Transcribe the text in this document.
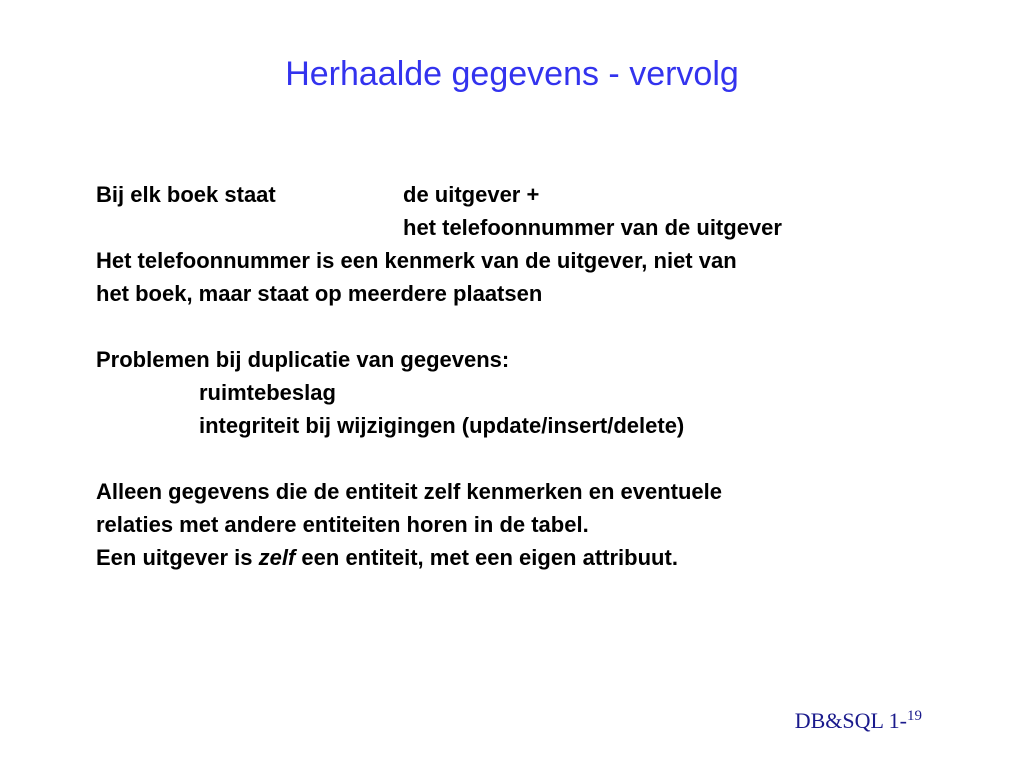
Herhaalde gegevens - vervolg
Bij elk boek staat	de uitgever +
het telefoonnummer van de uitgever
Het telefoonnummer is een kenmerk van de uitgever, niet van
het boek, maar staat op meerdere plaatsen
Problemen bij duplicatie van gegevens:
ruimtebeslag
integriteit bij wijzigingen (update/insert/delete)
Alleen gegevens die de entiteit zelf kenmerken en eventuele
relaties met andere entiteiten horen in de tabel.
Een uitgever is zelf een entiteit, met een eigen attribuut.
DB&SQL 1-$^{19}$
